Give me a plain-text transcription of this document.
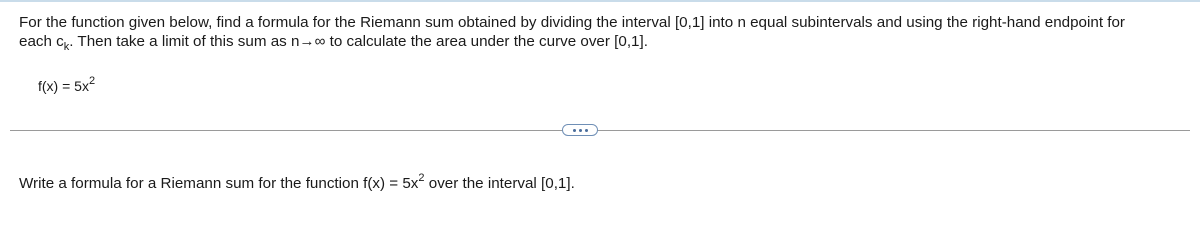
For the function given below, find a formula for the Riemann sum obtained by dividing the interval [0,1] into n equal subintervals and using the right-hand endpoint for
each $c_k$. Then take a limit of this sum as n→∞ to calculate the area under the curve over [0,1].
$f(x) = 5x^2$
Write a formula for a Riemann sum for the function $f(x) = 5x^2$ over the interval [0,1].
